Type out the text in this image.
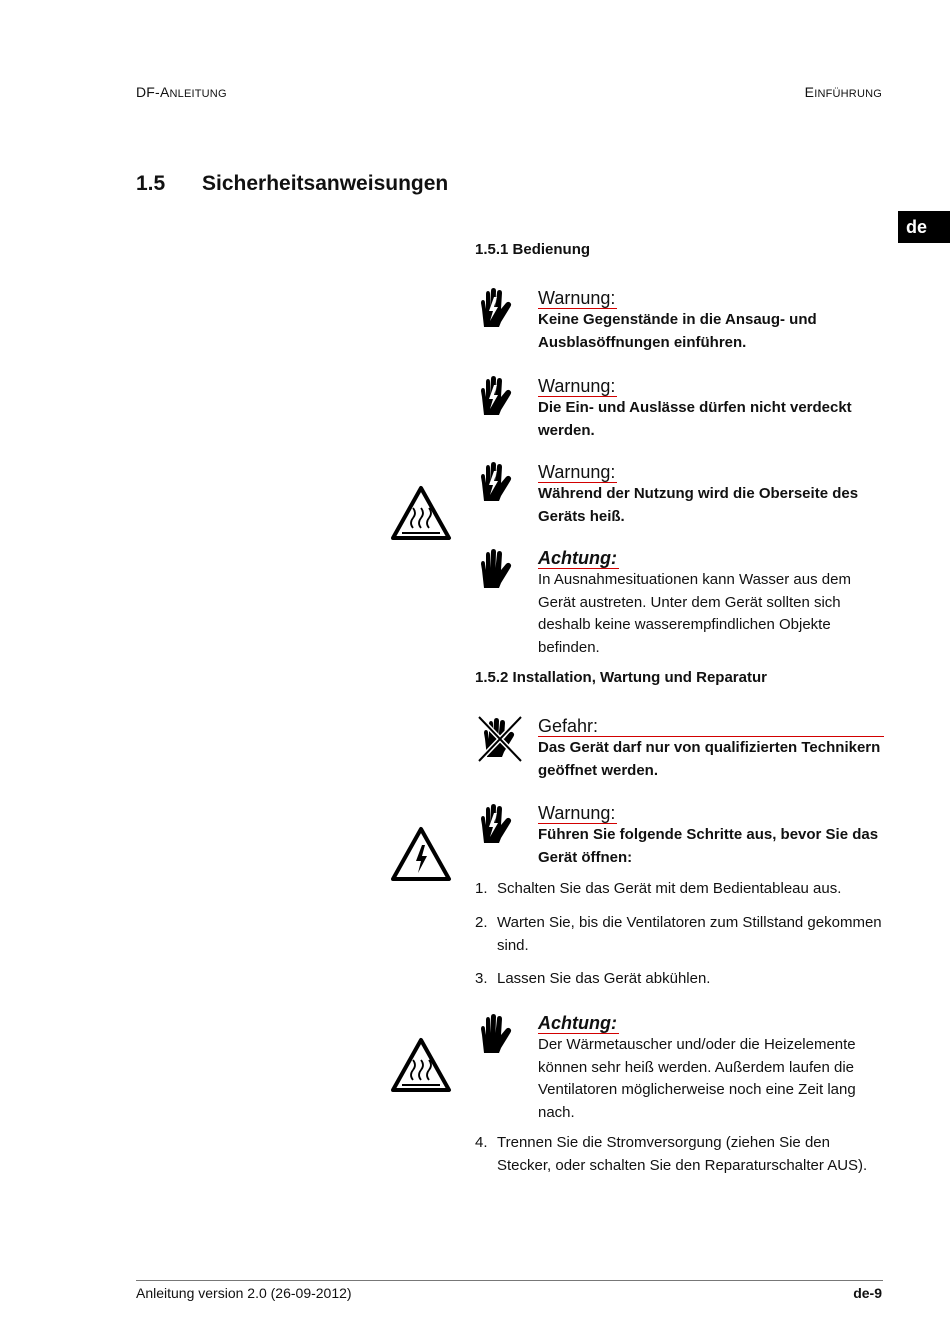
DF-ANLEITUNG	EINFÜHRUNG
1.5 Sicherheitsanweisungen
de
1.5.1 Bedienung
Warnung:
Keine Gegenstände in die Ansaug- und Ausblasöffnungen einführen.
Warnung:
Die Ein- und Auslässe dürfen nicht verdeckt werden.
Warnung:
Während der Nutzung wird die Oberseite des Geräts heiß.
Achtung:
In Ausnahmesituationen kann Wasser aus dem Gerät austreten. Unter dem Gerät sollten sich deshalb keine wasserempfindlichen Objekte befinden.
1.5.2 Installation, Wartung und Reparatur
Gefahr:
Das Gerät darf nur von qualifizierten Technikern geöffnet werden.
Warnung:
Führen Sie folgende Schritte aus, bevor Sie das Gerät öffnen:
1. Schalten Sie das Gerät mit dem Bedientableau aus.
2. Warten Sie, bis die Ventilatoren zum Stillstand gekommen sind.
3. Lassen Sie das Gerät abkühlen.
Achtung:
Der Wärmetauscher und/oder die Heizelemente können sehr heiß werden. Außerdem laufen die Ventilatoren möglicherweise noch eine Zeit lang nach.
4. Trennen Sie die Stromversorgung (ziehen Sie den Stecker, oder schalten Sie den Reparaturschalter AUS).
Anleitung version 2.0 (26-09-2012)	de-9
